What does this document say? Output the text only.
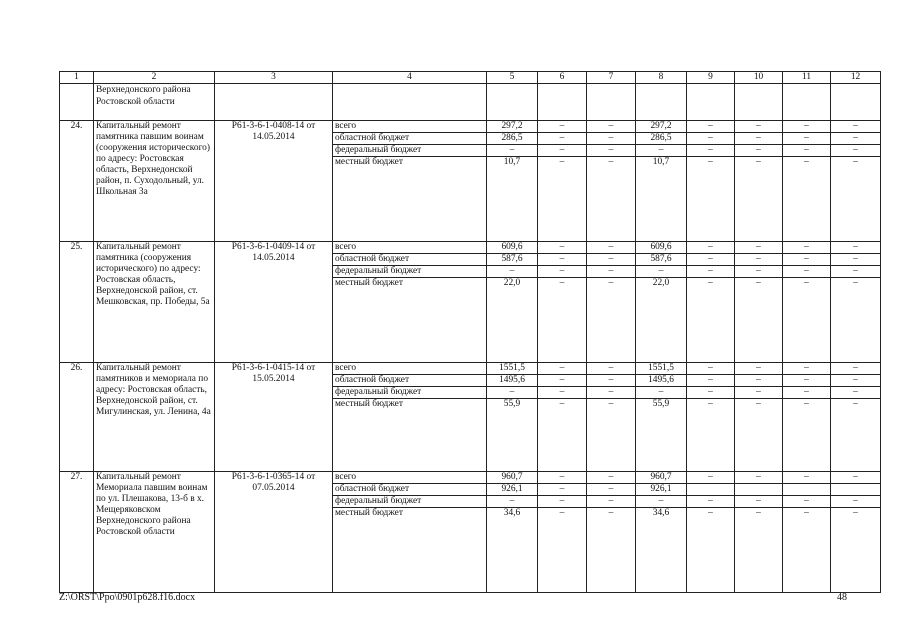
1	2	3	4	5	6	7	8	9	10	11	12
	Верхнедонского района Ростовской области										
24.	Капитальный ремонт памятника павшим воинам (сооружения исторического) по адресу: Ростовская область, Верхнедонской район, п. Суходольный, ул. Школьная 3а	Р61-3-6-1-0408-14 от 14.05.2014	всего	297,2	–	–	297,2	–	–	–	–
			областной бюджет	286,5	–	–	286,5	–	–	–	–
			федеральный бюджет	–	–	–	–	–	–	–	–
			местный бюджет	10,7	–	–	10,7	–	–	–	–
25.	Капитальный ремонт памятника (сооружения исторического) по адресу: Ростовская область, Верхнедонской район, ст. Мешковская, пр. Победы, 5а	Р61-3-6-1-0409-14 от 14.05.2014	всего	609,6	–	–	609,6	–	–	–	–
			областной бюджет	587,6	–	–	587,6	–	–	–	–
			федеральный бюджет	–	–	–	–	–	–	–	–
			местный бюджет	22,0	–	–	22,0	–	–	–	–
26.	Капитальный ремонт памятников и мемориала по адресу: Ростовская область, Верхнедонской район, ст. Мигулинская, ул. Ленина, 4а	Р61-3-6-1-0415-14 от 15.05.2014	всего	1551,5	–	–	1551,5	–	–	–	–
			областной бюджет	1495,6	–	–	1495,6	–	–	–	–
			федеральный бюджет	–	–	–	–	–	–	–	–
			местный бюджет	55,9	–	–	55,9	–	–	–	–
27.	Капитальный ремонт Мемориала павшим воинам по ул. Плешакова, 13-б в х. Мещеряковском Верхнедонского района Ростовской области	Р61-3-6-1-0365-14 от 07.05.2014	всего	960,7	–	–	960,7	–	–	–	–
			областной бюджет	926,1	–	–	926,1				
			федеральный бюджет	–	–	–	–	–	–	–	–
			местный бюджет	34,6	–	–	34,6	–	–	–	–
Z:\ORST\Ppo\0901p628.f16.docx	48
